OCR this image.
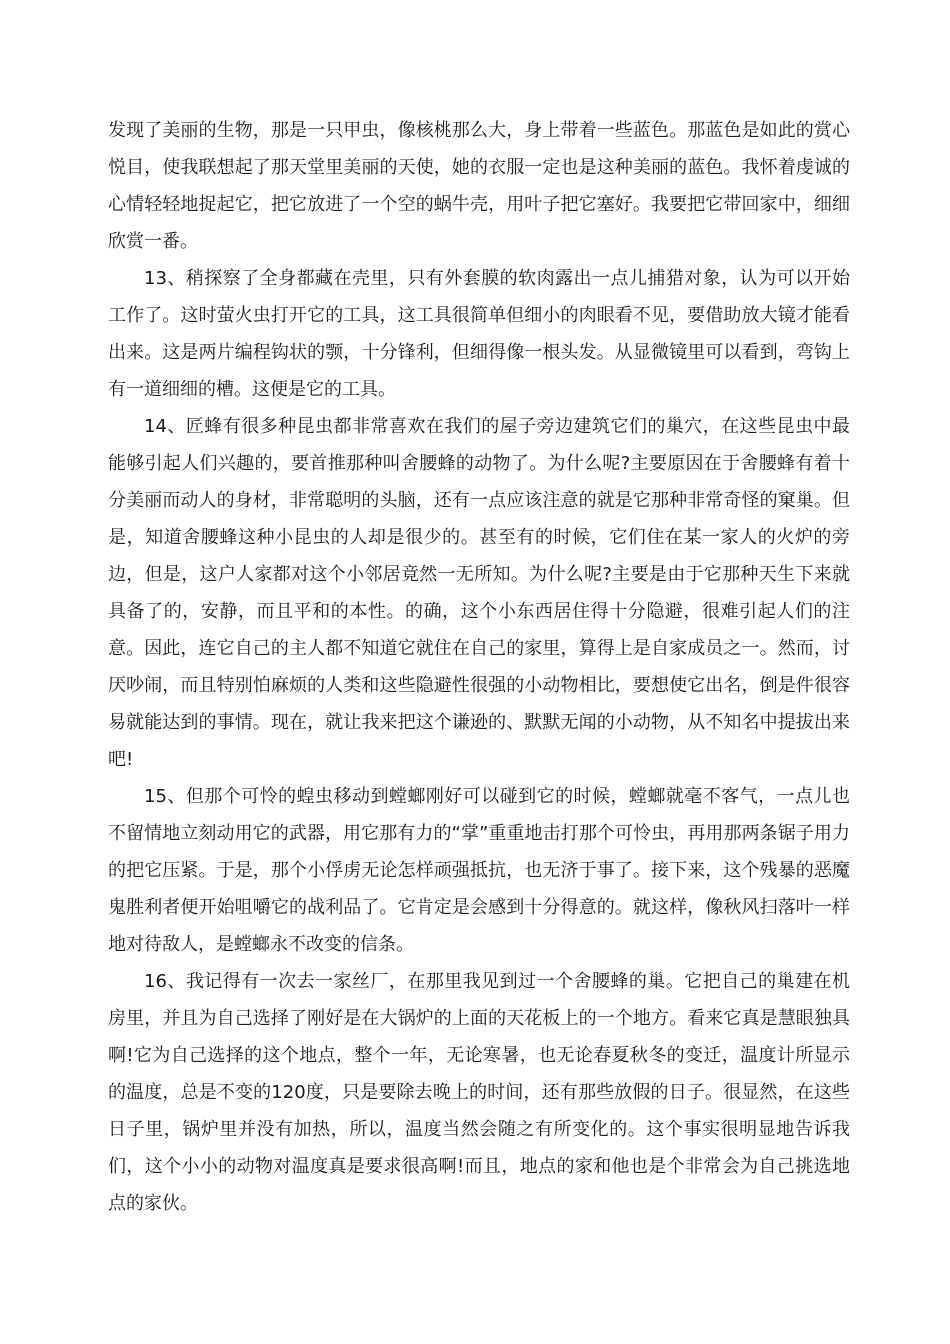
发现了美丽的生物，那是一只甲虫，像核桃那么大，身上带着一些蓝色。那蓝色是如此的赏心悦目，使我联想起了那天堂里美丽的天使，她的衣服一定也是这种美丽的蓝色。我怀着虔诚的心情轻轻地捉起它，把它放进了一个空的蜗牛壳，用叶子把它塞好。我要把它带回家中，细细欣赏一番。

13、稍探察了全身都藏在壳里，只有外套膜的软肉露出一点儿捕猎对象，认为可以开始工作了。这时萤火虫打开它的工具，这工具很简单但细小的肉眼看不见，要借助放大镜才能看出来。这是两片编程钩状的颚，十分锋利，但细得像一根头发。从显微镜里可以看到，弯钩上有一道细细的槽。这便是它的工具。

14、匠蜂有很多种昆虫都非常喜欢在我们的屋子旁边建筑它们的巢穴，在这些昆虫中最能够引起人们兴趣的，要首推那种叫舍腰蜂的动物了。为什么呢?主要原因在于舍腰蜂有着十分美丽而动人的身材，非常聪明的头脑，还有一点应该注意的就是它那种非常奇怪的窠巢。但是，知道舍腰蜂这种小昆虫的人却是很少的。甚至有的时候，它们住在某一家人的火炉的旁边，但是，这户人家都对这个小邻居竟然一无所知。为什么呢?主要是由于它那种天生下来就具备了的，安静，而且平和的本性。的确，这个小东西居住得十分隐避，很难引起人们的注意。因此，连它自己的主人都不知道它就住在自己的家里，算得上是自家成员之一。然而，讨厌吵闹，而且特别怕麻烦的人类和这些隐避性很强的小动物相比，要想使它出名，倒是件很容易就能达到的事情。现在，就让我来把这个谦逊的、默默无闻的小动物，从不知名中提拔出来吧!

15、但那个可怜的蝗虫移动到螳螂刚好可以碰到它的时候，螳螂就毫不客气，一点儿也不留情地立刻动用它的武器，用它那有力的“掌”重重地击打那个可怜虫，再用那两条锯子用力的把它压紧。于是，那个小俘虏无论怎样顽强抵抗，也无济于事了。接下来，这个残暴的恶魔鬼胜利者便开始咀嚼它的战利品了。它肯定是会感到十分得意的。就这样，像秋风扫落叶一样地对待敌人，是螳螂永不改变的信条。

16、我记得有一次去一家丝厂，在那里我见到过一个舍腰蜂的巢。它把自己的巢建在机房里，并且为自己选择了刚好是在大锅炉的上面的天花板上的一个地方。看来它真是慧眼独具啊!它为自己选择的这个地点，整个一年，无论寒暑，也无论春夏秋冬的变迁，温度计所显示的温度，总是不变的120度，只是要除去晚上的时间，还有那些放假的日子。很显然，在这些日子里，锅炉里并没有加热，所以，温度当然会随之有所变化的。这个事实很明显地告诉我们，这个小小的动物对温度真是要求很高啊!而且，地点的家和他也是个非常会为自己挑选地点的家伙。
